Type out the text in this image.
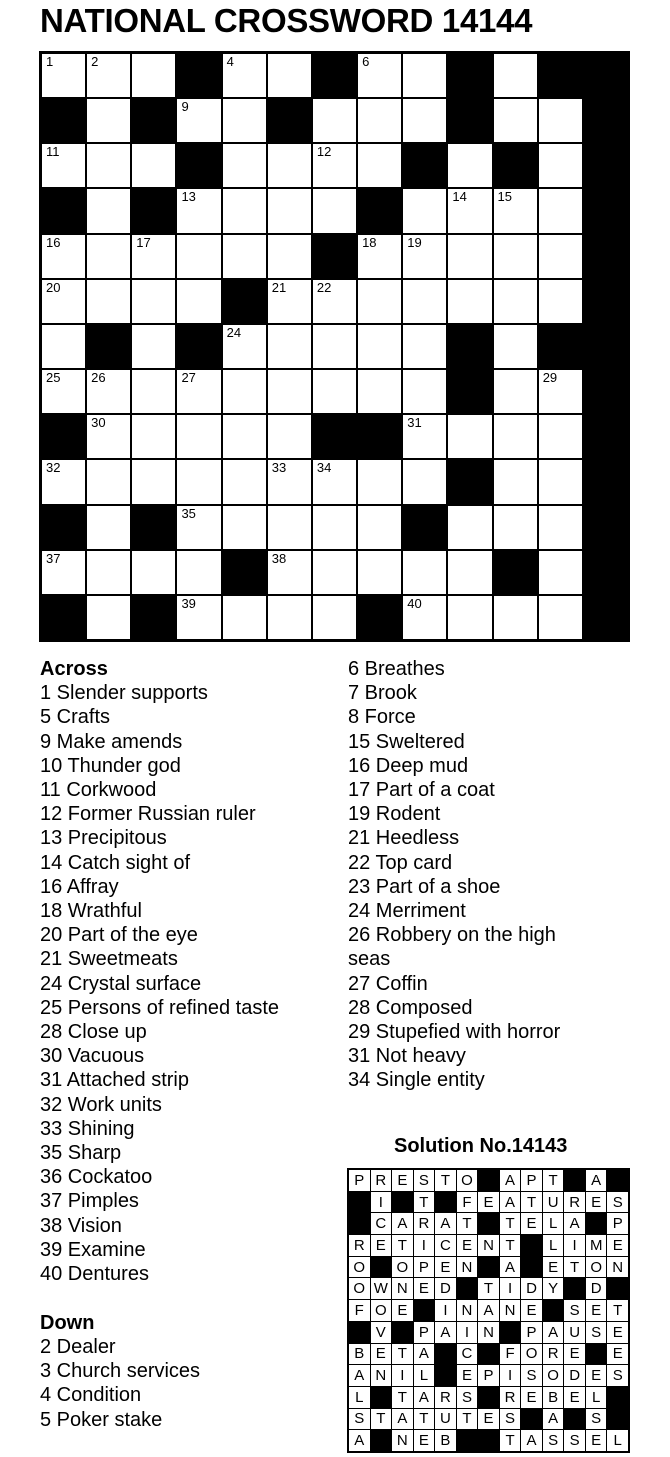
NATIONAL CROSSWORD 14144
1	2	4	6
9
11	12
13	14 15
16	17	18 19
20	21 22
24
25 26	27	29
30	31
32	33 34
35
37	38
39	40
Across
1 Slender supports
5 Crafts
9 Make amends
10 Thunder god
11 Corkwood
12 Former Russian ruler
13 Precipitous
14 Catch sight of
16 Affray
18 Wrathful
20 Part of the eye
21 Sweetmeats
24 Crystal surface
25 Persons of refined taste
28 Close up
30 Vacuous
31 Attached strip
32 Work units
33 Shining
35 Sharp
36 Cockatoo
37 Pimples
38 Vision
39 Examine
40 Dentures
Down
2 Dealer
3 Church services
4 Condition
5 Poker stake
6 Breathes
7 Brook
8 Force
15 Sweltered
16 Deep mud
17 Part of a coat
19 Rodent
21 Heedless
22 Top card
23 Part of a shoe
24 Merriment
26 Robbery on the high
seas
27 Coffin
28 Composed
29 Stupefied with horror
31 Not heavy
34 Single entity
Solution No.14143
P R E S T O	A P T	A
I	T	F E A T U R E S
C A R A T	T E L A	P
R E T I C E N T	L	I M E
O O P E N	A	E T O N
O W N E D	T I D Y	D
F O E	I N A N E	S E T
V	P A I N	P A U S E
B E T A	C	F O R E	E
A N I	L	E P I S O D E S
L	T A R S	R E B E L
S T A T U T E S	A	S
A	N E B	T A S S E L
